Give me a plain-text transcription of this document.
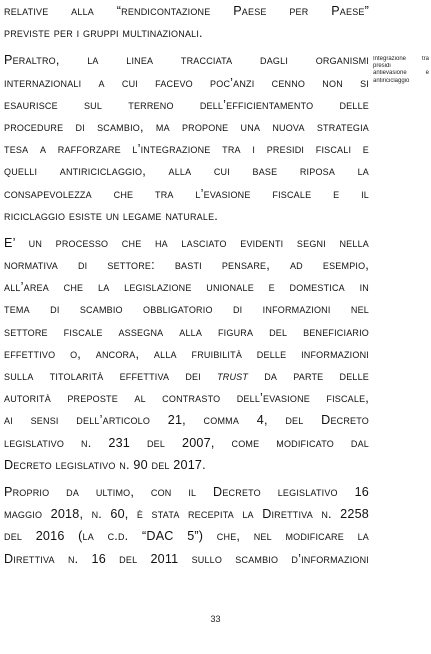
relative alla “rendicontazione Paese per Paese”
previste per i gruppi multinazionali.
Peraltro, la linea tracciata dagli organismi
internazionali a cui facevo poc’anzi cenno non si
esaurisce sul terreno dell’efficientamento delle
procedure di scambio, ma propone una nuova strategia
tesa a rafforzare l’integrazione tra i presidi fiscali e
quelli antiriciclaggio, alla cui base riposa la
consapevolezza che tra l’evasione fiscale e il
riciclaggio esiste un legame naturale.
E’ un processo che ha lasciato evidenti segni nella
normativa di settore: basti pensare, ad esempio,
all’area che la legislazione unionale e domestica in
tema di scambio obbligatorio di informazioni nel
settore fiscale assegna alla figura del beneficiario
effettivo o, ancora, alla fruibilità delle informazioni
sulla titolarità effettiva dei trust da parte delle
autorità preposte al contrasto dell’evasione fiscale,
ai sensi dell’articolo 21, comma 4, del Decreto
legislativo n. 231 del 2007, come modificato dal
Decreto legislativo n. 90 del 2017.
Proprio da ultimo, con il Decreto legislativo 16
maggio 2018, n. 60, è stata recepita la Direttiva n. 2258
del 2016 (la c.d. “DAC 5”) che, nel modificare la
Direttiva n. 16 del 2011 sullo scambio d’informazioni
Integrazione tra
presidi
antievasione e
antiriciclaggio
33
